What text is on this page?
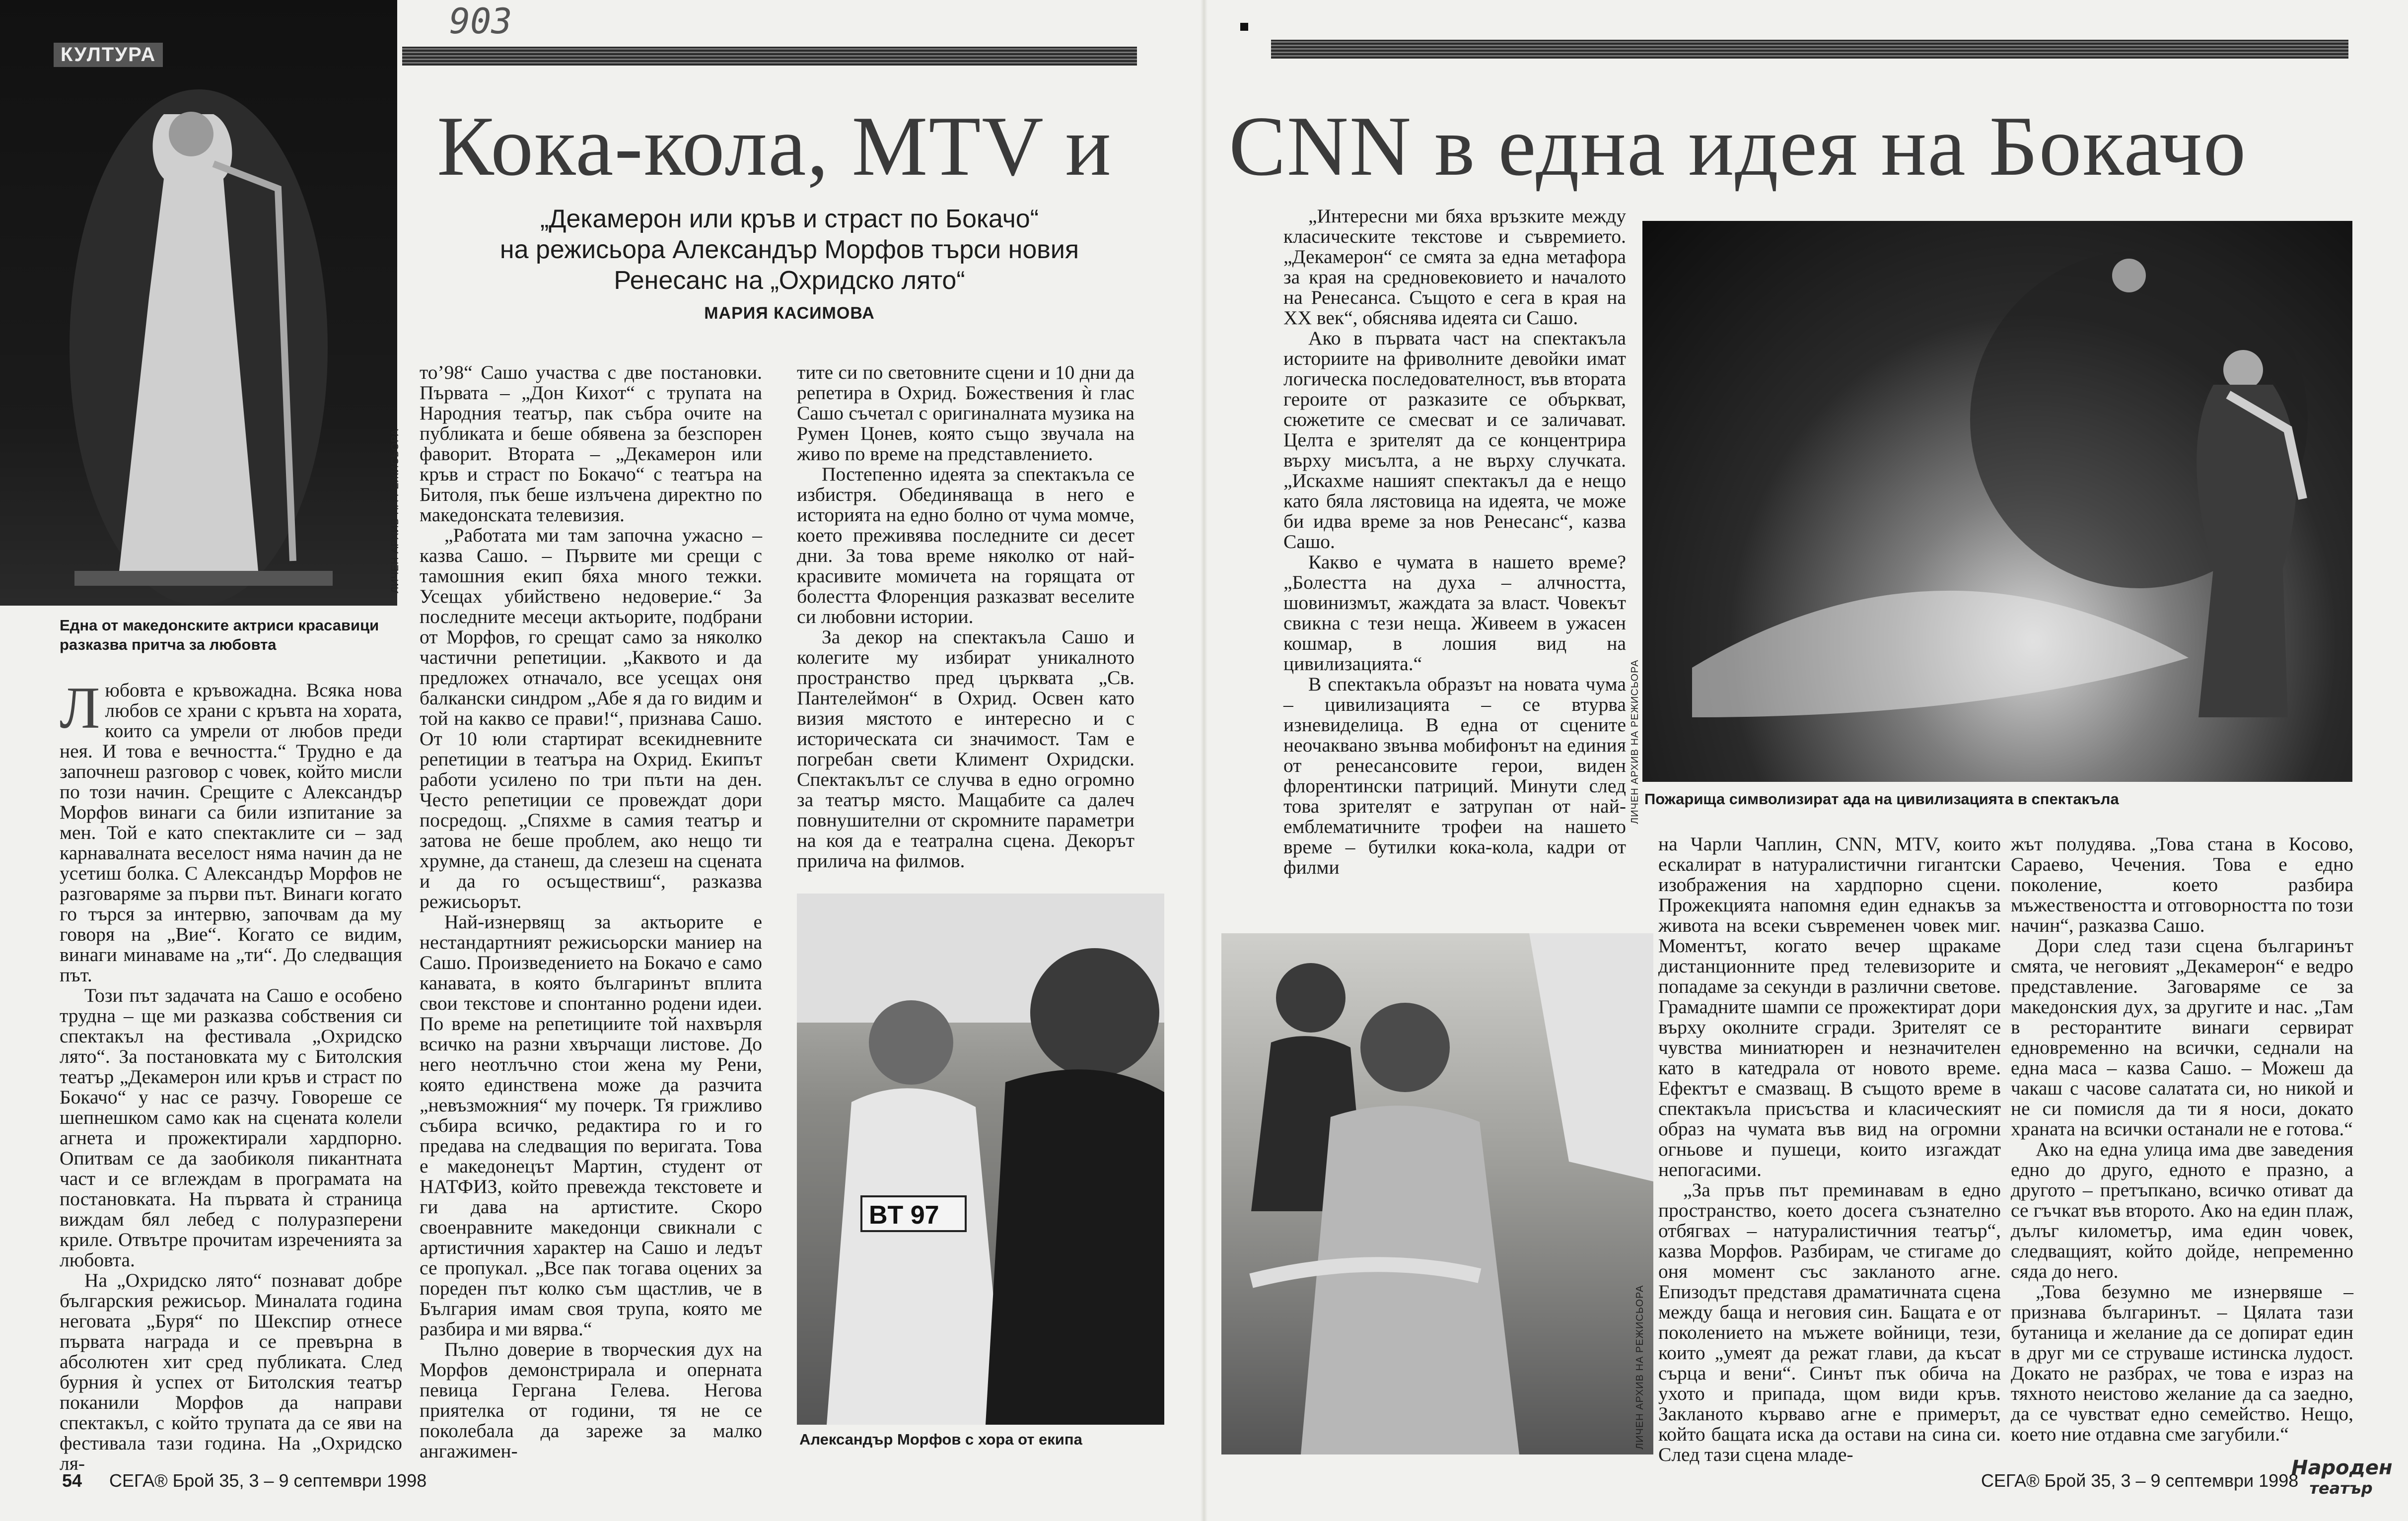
903
КУЛТУРА
ЛИЧЕН АРХИВ НА РЕЖИСЬОРА
Една от македонските актриси красавици разказва притча за любовта
Кока-кола, МТV и CNN в една идея на Бокачо
„Декамерон или кръв и страст по Бокачо“
на режисьора Александър Морфов търси новия
Ренесанс на „Охридско лято“
МАРИЯ КАСИМОВА

Любовта е кръвожадна. Всяка нова любов се храни с кръвта на хората, които са умрели от любов преди нея. И това е вечността.“ Трудно е да започнеш разговор с човек, който мисли по този начин. Срещите с Александър Морфов винаги са били изпитание за мен. Той е като спектаклите си – зад карнавалната веселост няма начин да не усетиш болка. С Александър Морфов не разговаряме за първи път. Винаги когато го търся за интервю, започвам да му говоря на „Вие“. Когато се видим, винаги минаваме на „ти“. До следващия път.

Този път задачата на Сашо е особено трудна – ще ми разказва собствения си спектакъл на фестивала „Охридско лято“. За постановката му с Битолския театър „Декамерон или кръв и страст по Бокачо“ у нас се разчу. Говореше се шепнешком само как на сцената колели агнета и прожектирали хардпорно. Опитвам се да заобиколя пикантната част и се вглеждам в програмата на постановката. На първата ѝ страница виждам бял лебед с полуразперени криле. Отвътре прочитам изреченията за любовта.

На „Охридско лято“ познават добре българския режисьор. Миналата година неговата „Буря“ по Шекспир отнесе първата награда и се превърна в абсолютен хит сред публиката. След бурния ѝ успех от Битолския театър поканили Морфов да направи спектакъл, с който трупата да се яви на фестивала тази година. На „Охридско ля-

то’98“ Сашо участва с две постановки. Първата – „Дон Кихот“ с трупата на Народния театър, пак събра очите на публиката и беше обявена за безспорен фаворит. Втората – „Декамерон или кръв и страст по Бокачо“ с театъра на Битоля, пък беше излъчена директно по македонската телевизия.

„Работата ми там започна ужасно – казва Сашо. – Първите ми срещи с тамошния екип бяха много тежки. Усещах убийствено недоверие.“ За последните месеци актьорите, подбрани от Морфов, го срещат само за няколко частични репетиции. „Каквото и да предложех отначало, все усещах оня балкански синдром „Абе я да го видим и той на какво се прави!“, признава Сашо. От 10 юли стартират всекидневните репетиции в театъра на Охрид. Екипът работи усилено по три пъти на ден. Често репетиции се провеждат дори посредощ. „Спяхме в самия театър и затова не беше проблем, ако нещо ти хрумне, да станеш, да слезеш на сцената и да го осъществиш“, разказва режисьорът.

Най-изнервящ за актьорите е нестандартният режисьорски маниер на Сашо. Произведението на Бокачо е само канавата, в която българинът вплита свои текстове и спонтанно родени идеи. По време на репетициите той нахвърля всичко на разни хвърчащи листове. До него неотлъчно стои жена му Рени, която единствена може да разчита „невъзможния“ му почерк. Тя грижливо събира всичко, редактира го и го предава на следващия по веригата. Това е македонецът Мартин, студент от НАТФИЗ, който превежда текстовете и ги дава на артистите. Скоро своенравните македонци свикнали с артистичния характер на Сашо и ледът се пропукал. „Все пак тогава оцених за пореден път колко съм щастлив, че в България имам своя трупа, която ме разбира и ми вярва.“

Пълно доверие в творческия дух на Морфов демонстрирала и оперната певица Гергана Гелева. Негова приятелка от години, тя не се поколебала да зареже за малко ангажимен-

тите си по световните сцени и 10 дни да репетира в Охрид. Божествения ѝ глас Сашо съчетал с оригиналната музика на Румен Цонев, която също звучала на живо по време на представлението.

Постепенно идеята за спектакъла се избистря. Обединяваща в него е историята на едно болно от чума момче, което преживява последните си десет дни. За това време няколко от най-красивите момичета на горящата от болестта Флоренция разказват веселите си любовни истории.

За декор на спектакъла Сашо и колегите му избират уникалното пространство пред църквата „Св. Пантелеймон“ в Охрид. Освен като визия мястото е интересно и с историческата си значимост. Там е погребан свети Климент Охридски. Спектакълът се случва в едно огромно за театър място. Мащабите са далеч повнушителни от скромните параметри на коя да е театрална сцена. Декорът прилича на филмов.

BT 97
Александър Морфов с хора от екипа
ЛИЧЕН АРХИВ НА РЕЖИСЬОРА Пожарища символизират ада на цивилизацията в спектакъла

„Интересни ми бяха връзките между класическите текстове и съвремието. „Декамерон“ се смята за една метафора за края на средновековието и началото на Ренесанса. Същото е сега в края на XX век“, обяснява идеята си Сашо.

Ако в първата част на спектакъла историите на фриволните девойки имат логическа последователност, във втората героите от разказите се объркват, сюжетите се смесват и се заличават. Целта е зрителят да се концентрира върху мисълта, а не върху случката. „Искахме нашият спектакъл да е нещо като бяла лястовица на идеята, че може би идва време за нов Ренесанс“, казва Сашо.

Какво е чумата в нашето време? „Болестта на духа – алчността, шовинизмът, жаждата за власт. Човекът свикна с тези неща. Живеем в ужасен кошмар, в лошия вид на цивилизацията.“

В спектакъла образът на новата чума – цивилизацията – се втурва изневиделица. В една от сцените неочаквано звънва мобифонът на единия от ренесансовите герои, виден флорентински патриций. Минути след това зрителят е затрупан от най-емблематичните трофеи на нашето време – бутилки кока-кола, кадри от филми

ЛИЧЕН АРХИВ НА РЕЖИСЬОРА

на Чарли Чаплин, CNN, MTV, които ескалират в натуралистични гигантски изображения на хардпорно сцени. Прожекцията напомня един еднакъв за живота на всеки съвременен човек миг. Моментът, когато вечер щракаме дистанционните пред телевизорите и попадаме за секунди в различни светове. Грамадните шампи се прожектират дори върху околните сгради. Зрителят се чувства миниатюрен и незначителен като в катедрала от новото време. Ефектът е смазващ. В същото време в спектакъла присъства и класическият образ на чумата във вид на огромни огньове и пушеци, които изгаждат непогасими.

„За пръв път преминавам в едно пространство, което досега съзнателно отбягвах – натуралистичния театър“, казва Морфов. Разбирам, че стигаме до оня момент със закланото агне. Епизодът представя драматичната сцена между баща и неговия син. Бащата е от поколението на мъжете войници, тези, които „умеят да режат глави, да късат сърца и вени“. Синът пък обича на ухото и припада, щом види кръв. Закланото кърваво агне е примерът, който бащата иска да остави на сина си. След тази сцена младе-

жът полудява. „Това стана в Косово, Сараево, Чечения. Това е едно поколение, което разбира мъжествеността и отговорността по този начин“, разказва Сашо.

Дори след тази сцена българинът смята, че неговият „Декамерон“ е ведро представление. Заговаряме се за македонския дух, за другите и нас. „Там в ресторантите винаги сервират едновременно на всички, седнали на една маса – казва Сашо. – Можеш да чакаш с часове салатата си, но никой и не си помисля да ти я носи, докато храната на всички останали не е готова.“

Ако на една улица има две заведения едно до друго, едното е празно, а другото – претъпкано, всичко отиват да се гъчкат във второто. Ако на един плаж, дълъг километър, има един човек, следващият, който дойде, непременно сяда до него.

„Това безумно ме изнервяше – признава българинът. – Цялата тази бутаница и желание да се допират един в друг ми се струваше истинска лудост. Докато не разбрах, че това е израз на тяхното неистово желание да са заедно, да се чувстват едно семейство. Нещо, което ние отдавна сме загубили.“

54 СЕГА® Брой 35, 3 – 9 септември 1998	СЕГА® Брой 35, 3 – 9 септември 1998
Народен
театър
